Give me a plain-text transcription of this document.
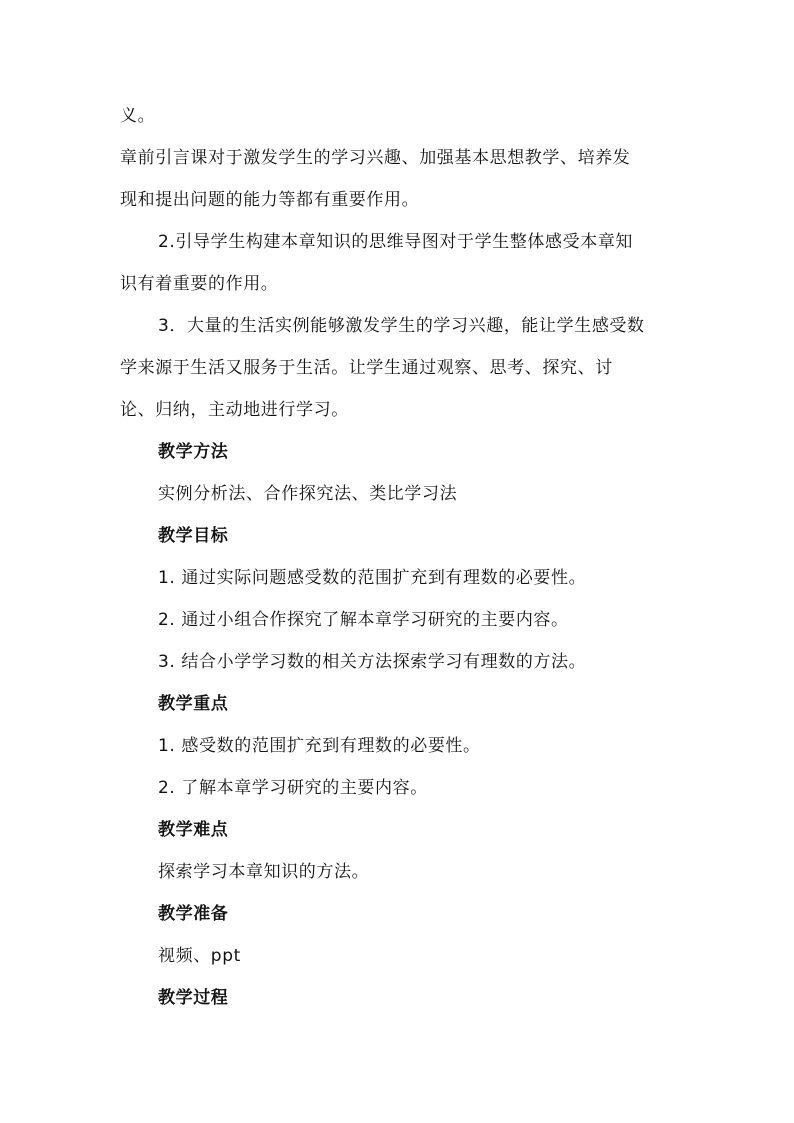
义。
章前引言课对于激发学生的学习兴趣、加强基本思想教学、培养发
现和提出问题的能力等都有重要作用。
2.引导学生构建本章知识的思维导图对于学生整体感受本章知
识有着重要的作用。
3．大量的生活实例能够激发学生的学习兴趣，能让学生感受数
学来源于生活又服务于生活。让学生通过观察、思考、探究、讨
论、归纳，主动地进行学习。
教学方法
实例分析法、合作探究法、类比学习法
教学目标
1. 通过实际问题感受数的范围扩充到有理数的必要性。
2. 通过小组合作探究了解本章学习研究的主要内容。
3. 结合小学学习数的相关方法探索学习有理数的方法。
教学重点
1. 感受数的范围扩充到有理数的必要性。
2. 了解本章学习研究的主要内容。
教学难点
探索学习本章知识的方法。
教学准备
视频、ppt
教学过程
